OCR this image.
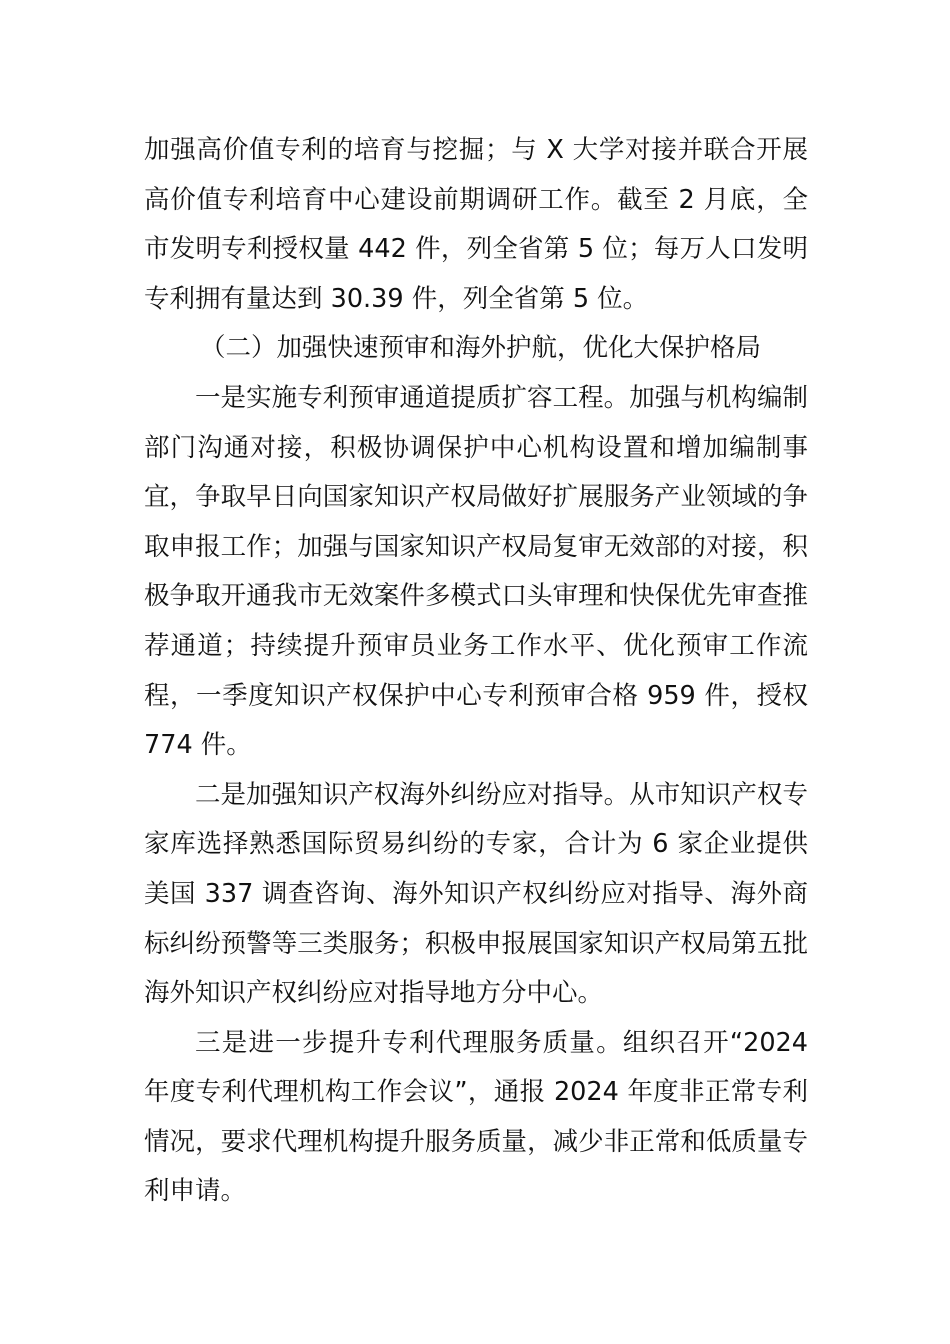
加强高价值专利的培育与挖掘；与 X 大学对接并联合开展高价值专利培育中心建设前期调研工作。截至 2 月底，全市发明专利授权量 442 件，列全省第 5 位；每万人口发明专利拥有量达到 30.39 件，列全省第 5 位。

（二）加强快速预审和海外护航，优化大保护格局

一是实施专利预审通道提质扩容工程。加强与机构编制部门沟通对接，积极协调保护中心机构设置和增加编制事宜，争取早日向国家知识产权局做好扩展服务产业领域的争取申报工作；加强与国家知识产权局复审无效部的对接，积极争取开通我市无效案件多模式口头审理和快保优先审查推荐通道；持续提升预审员业务工作水平、优化预审工作流程，一季度知识产权保护中心专利预审合格 959 件，授权 774 件。

二是加强知识产权海外纠纷应对指导。从市知识产权专家库选择熟悉国际贸易纠纷的专家，合计为 6 家企业提供美国 337 调查咨询、海外知识产权纠纷应对指导、海外商标纠纷预警等三类服务；积极申报展国家知识产权局第五批海外知识产权纠纷应对指导地方分中心。

三是进一步提升专利代理服务质量。组织召开“2024 年度专利代理机构工作会议”，通报 2024 年度非正常专利情况，要求代理机构提升服务质量，减少非正常和低质量专利申请。
